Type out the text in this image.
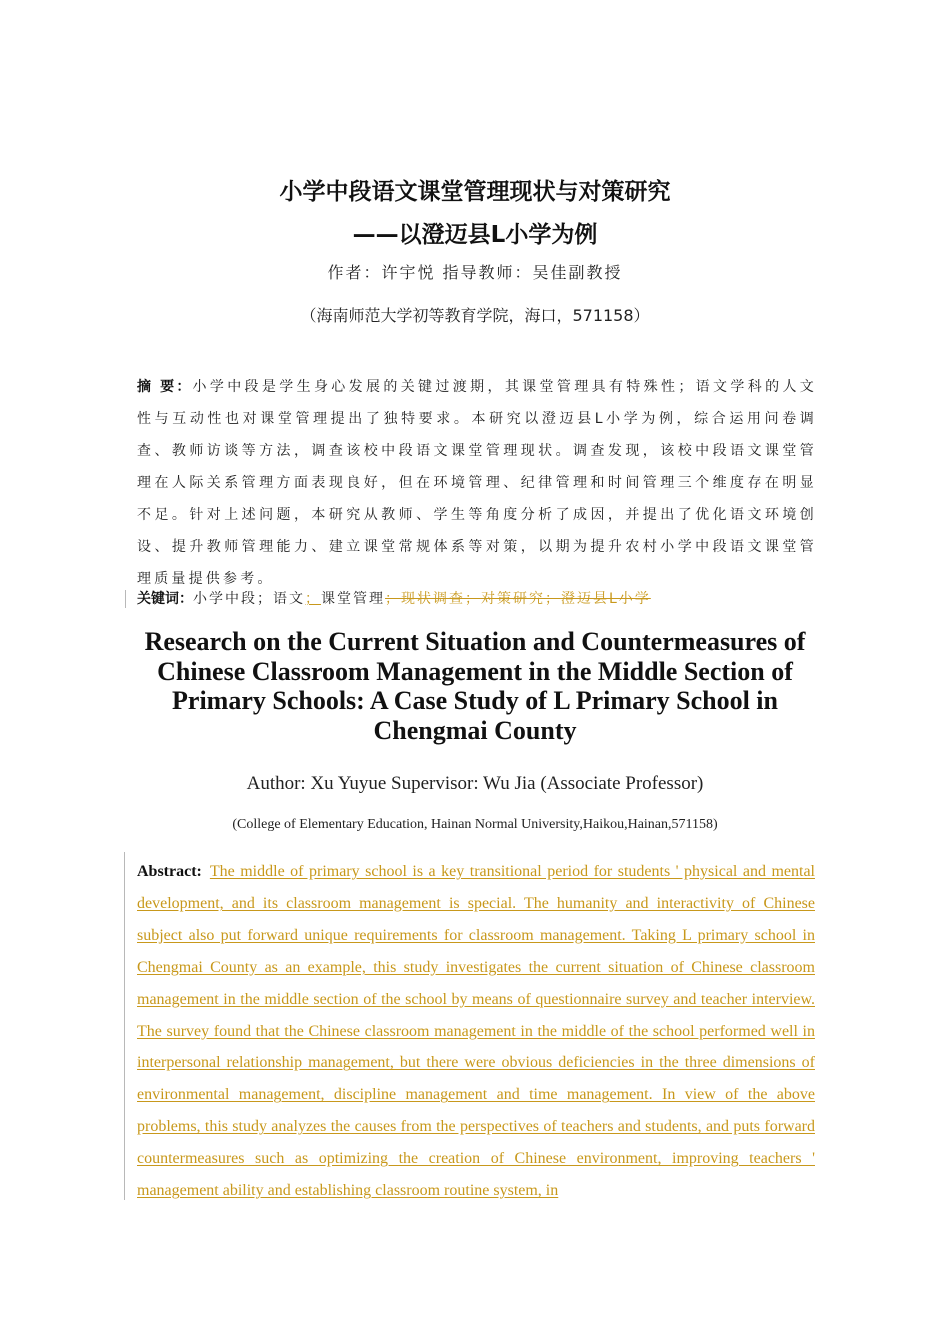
小学中段语文课堂管理现状与对策研究
——以澄迈县L小学为例
作者：许宇悦 指导教师：吴佳副教授
（海南师范大学初等教育学院，海口，571158）
摘 要：小学中段是学生身心发展的关键过渡期，其课堂管理具有特殊性；语文学科的人文性与互动性也对课堂管理提出了独特要求。本研究以澄迈县L小学为例，综合运用问卷调查、教师访谈等方法，调查该校中段语文课堂管理现状。调查发现，该校中段语文课堂管理在人际关系管理方面表现良好，但在环境管理、纪律管理和时间管理三个维度存在明显不足。针对上述问题，本研究从教师、学生等角度分析了成因，并提出了优化语文环境创设、提升教师管理能力、建立课堂常规体系等对策，以期为提升农村小学中段语文课堂管理质量提供参考。
关键词：小学中段；语文；课堂管理；现状调查；对策研究；澄迈县L小学
Research on the Current Situation and Countermeasures of Chinese Classroom Management in the Middle Section of Primary Schools: A Case Study of L Primary School in Chengmai County
Author: Xu Yuyue Supervisor: Wu Jia (Associate Professor)
(College of Elementary Education, Hainan Normal University,Haikou,Hainan,571158)
Abstract: The middle of primary school is a key transitional period for students ' physical and mental development, and its classroom management is special. The humanity and interactivity of Chinese subject also put forward unique requirements for classroom management. Taking L primary school in Chengmai County as an example, this study investigates the current situation of Chinese classroom management in the middle section of the school by means of questionnaire survey and teacher interview. The survey found that the Chinese classroom management in the middle of the school performed well in interpersonal relationship management, but there were obvious deficiencies in the three dimensions of environmental management, discipline management and time management. In view of the above problems, this study analyzes the causes from the perspectives of teachers and students, and puts forward countermeasures such as optimizing the creation of Chinese environment, improving teachers ' management ability and establishing classroom routine system, in
